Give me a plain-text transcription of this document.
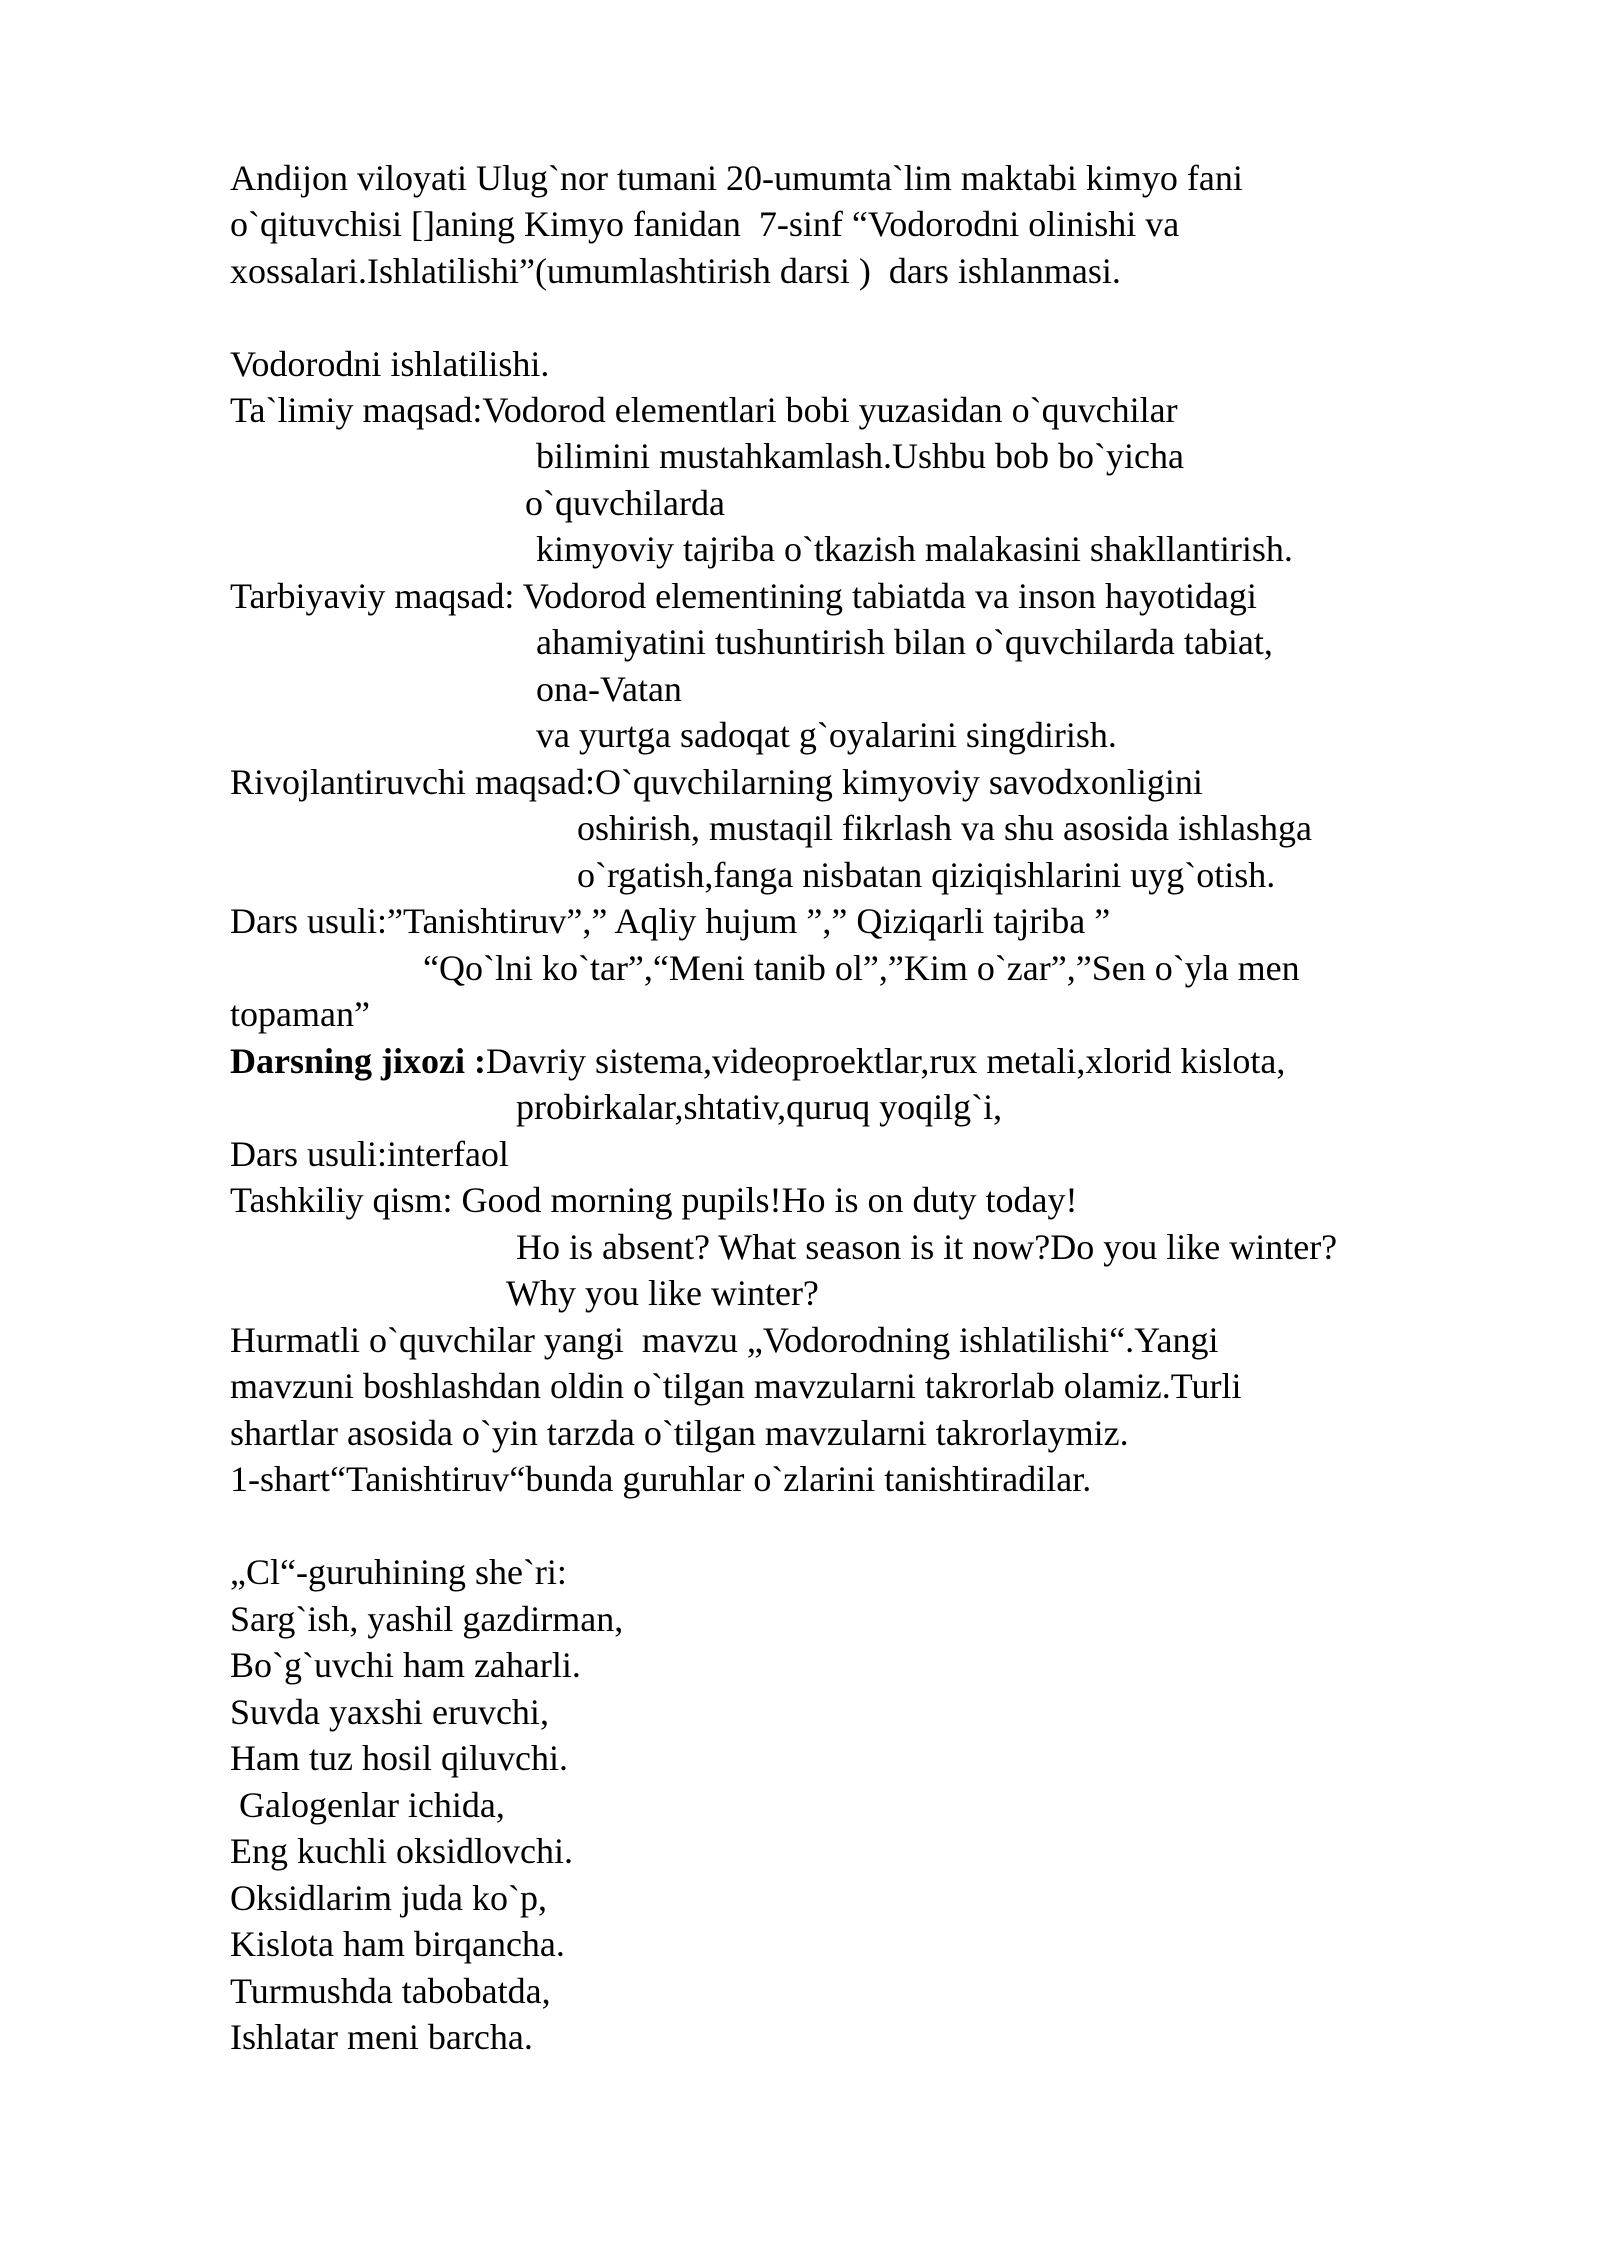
Andijon viloyati Ulug`nor tumani 20-umumta`lim maktabi kimyo fani
o`qituvchisi []aning Kimyo fanidan  7-sinf “Vodorodni olinishi va
xossalari.Ishlatilishi”(umumlashtirish darsi )  dars ishlanmasi.
Vodorodni ishlatilishi.
Ta`limiy maqsad:Vodorod elementlari bobi yuzasidan o`quvchilar
bilimini mustahkamlash.Ushbu bob bo`yicha
o`quvchilarda
kimyoviy tajriba o`tkazish malakasini shakllantirish.
Tarbiyaviy maqsad: Vodorod elementining tabiatda va inson hayotidagi
ahamiyatini tushuntirish bilan o`quvchilarda tabiat,
ona-Vatan
va yurtga sadoqat g`oyalarini singdirish.
Rivojlantiruvchi maqsad:O`quvchilarning kimyoviy savodxonligini
oshirish, mustaqil fikrlash va shu asosida ishlashga
o`rgatish,fanga nisbatan qiziqishlarini uyg`otish.
Dars usuli:”Tanishtiruv”,” Aqliy hujum ”,” Qiziqarli tajriba ”
“Qo`lni ko`tar”,“Meni tanib ol”,”Kim o`zar”,”Sen o`yla men
topaman”
Darsning jixozi :Davriy sistema,videoproektlar,rux metali,xlorid kislota,
probirkalar,shtativ,quruq yoqilg`i,
Dars usuli:interfaol
Tashkiliy qism: Good morning pupils!Ho is on duty today!
Ho is absent? What season is it now?Do you like winter?
Why you like winter?
Hurmatli o`quvchilar yangi  mavzu „Vodorodning ishlatilishi“.Yangi
mavzuni boshlashdan oldin o`tilgan mavzularni takrorlab olamiz.Turli
shartlar asosida o`yin tarzda o`tilgan mavzularni takrorlaymiz.
1-shart“Tanishtiruv“bunda guruhlar o`zlarini tanishtiradilar.
„Cl“-guruhining she`ri:
Sarg`ish, yashil gazdirman,
Bo`g`uvchi ham zaharli.
Suvda yaxshi eruvchi,
Ham tuz hosil qiluvchi.
Galogenlar ichida,
Eng kuchli oksidlovchi.
Oksidlarim juda ko`p,
Kislota ham birqancha.
Turmushda tabobatda,
Ishlatar meni barcha.
